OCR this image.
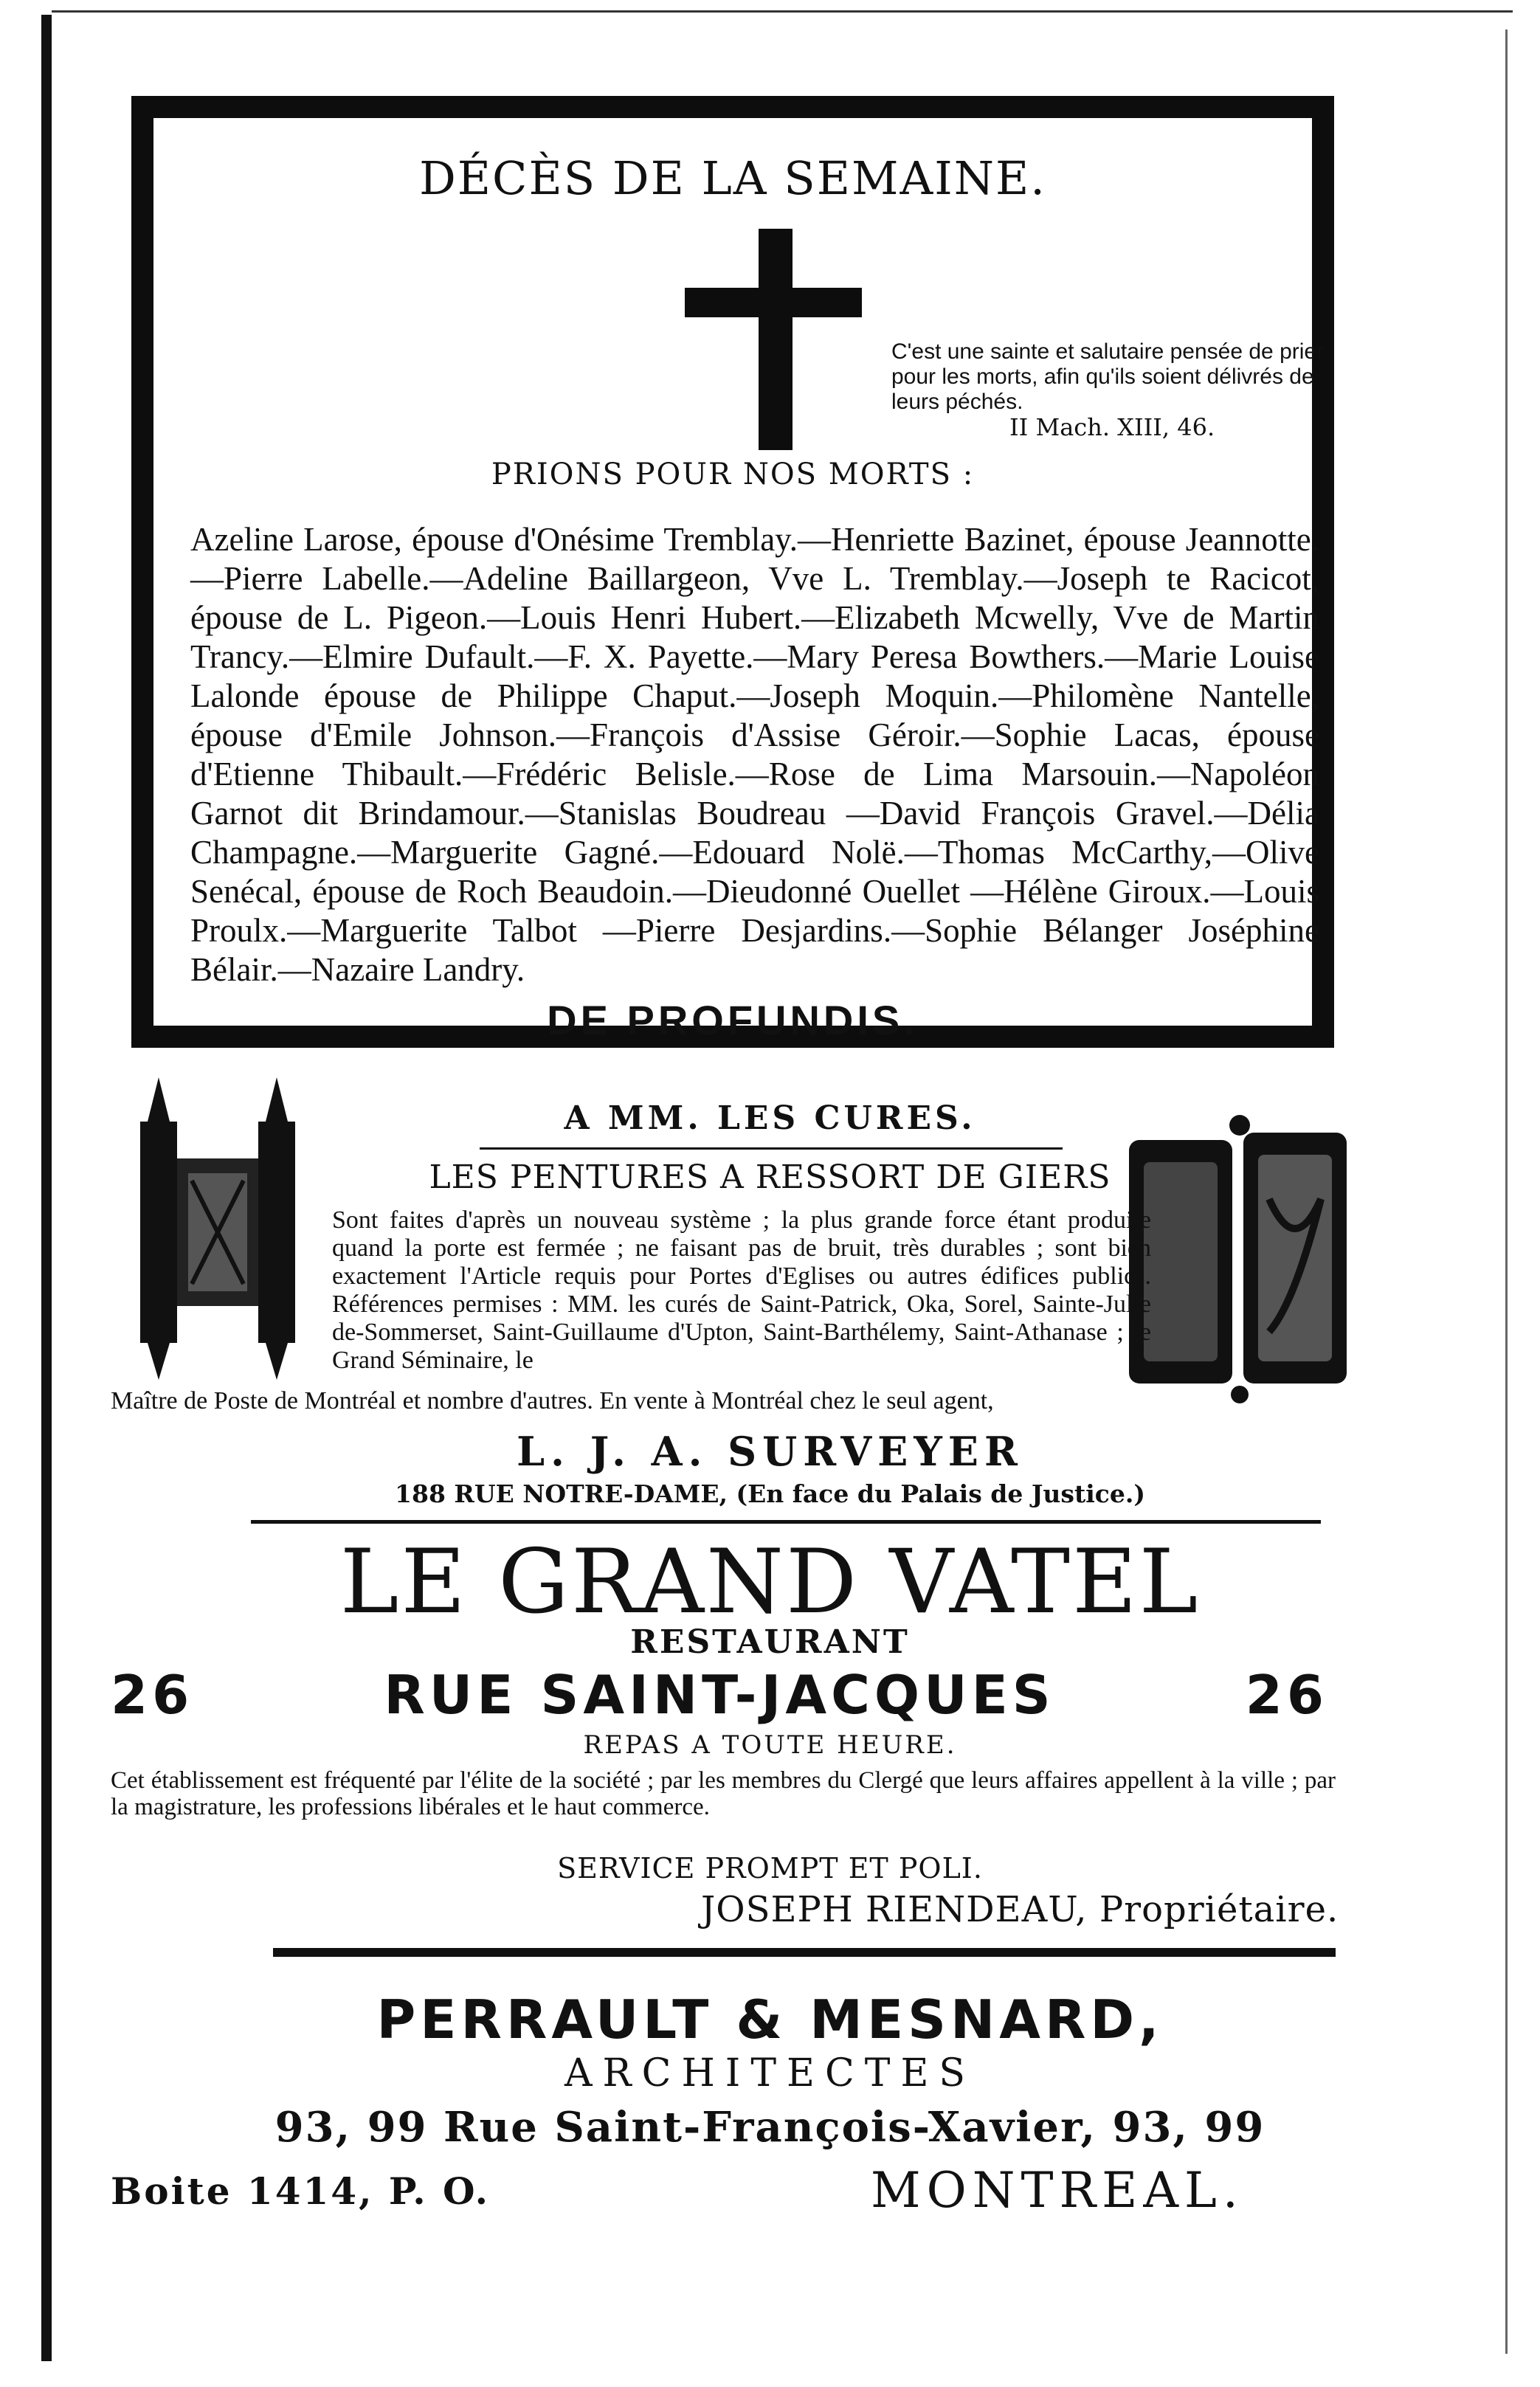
DÉCÈS DE LA SEMAINE.
C'est une sainte et salutaire pensée de prier pour les morts, afin qu'ils soient délivrés de leurs péchés.
II Mach. XIII, 46.
PRIONS POUR NOS MORTS :
Azeline Larose, épouse d'Onésime Tremblay.—Henriette Bazinet, épouse Jeannotte.—Pierre Labelle.—Adeline Baillargeon, Vve L. Tremblay.—Joseph te Racicot, épouse de L. Pigeon.—Louis Henri Hubert.—Elizabeth Mcwelly, Vve de Martin Trancy.—Elmire Dufault.—F. X. Payette.—Mary Peresa Bowthers.—Marie Louise Lalonde épouse de Philippe Chaput.—Joseph Moquin.—Philomène Nantelle, épouse d'Emile Johnson.—François d'Assise Géroir.—Sophie Lacas, épouse d'Etienne Thibault.—Frédéric Belisle.—Rose de Lima Marsouin.—Napoléon Garnot dit Brindamour.—Stanislas Boudreau —David François Gravel.—Délia Champagne.—Marguerite Gagné.—Edouard Nolë.—Thomas McCarthy,—Olive Senécal, épouse de Roch Beaudoin.—Dieudonné Ouellet —Hélène Giroux.—Louis Proulx.—Marguerite Talbot —Pierre Desjardins.—Sophie Bélanger Joséphine Bélair.—Nazaire Landry.
DE PROFUNDIS.
A MM. LES CURES.
LES PENTURES A RESSORT DE GIERS
Sont faites d'après un nouveau système ; la plus grande force étant produite quand la porte est fermée ; ne faisant pas de bruit, très durables ; sont bien exactement l'Article requis pour Portes d'Eglises ou autres édifices publics. Références permises : MM. les curés de Saint-Patrick, Oka, Sorel, Sainte-Julie de-Sommerset, Saint-Guillaume d'Upton, Saint-Barthélemy, Saint-Athanase ; le Grand Séminaire, le
Maître de Poste de Montréal et nombre d'autres. En vente à Montréal chez le seul agent,
L. J. A. SURVEYER
188 RUE NOTRE-DAME, (En face du Palais de Justice.)
LE GRAND VATEL
RESTAURANT
26	RUE SAINT-JACQUES	26
REPAS A TOUTE HEURE.
Cet établissement est fréquenté par l'élite de la société ; par les membres du Clergé que leurs affaires appellent à la ville ; par la magistrature, les professions libérales et le haut commerce.
SERVICE PROMPT ET POLI.
JOSEPH RIENDEAU, Propriétaire.
PERRAULT & MESNARD,
ARCHITECTES
93, 99 Rue Saint-François-Xavier, 93, 99
Boite 1414, P. O.	MONTREAL.
